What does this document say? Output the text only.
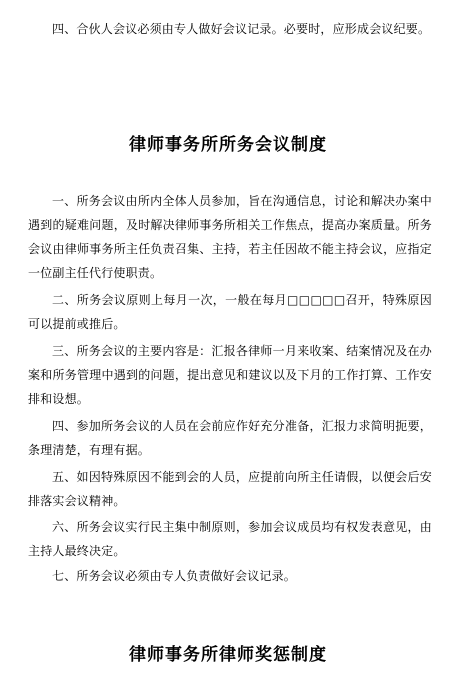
四、合伙人会议必须由专人做好会议记录。必要时，应形成会议纪要。

律师事务所所务会议制度

一、所务会议由所内全体人员参加，旨在沟通信息，讨论和解决办案中遇到的疑难问题，及时解决律师事务所相关工作焦点，提高办案质量。所务会议由律师事务所主任负责召集、主持，若主任因故不能主持会议，应指定一位副主任代行使职责。

二、所务会议原则上每月一次，一般在每月□□□□□召开，特殊原因可以提前或推后。

三、所务会议的主要内容是：汇报各律师一月来收案、结案情况及在办案和所务管理中遇到的问题，提出意见和建议以及下月的工作打算、工作安排和设想。

四、参加所务会议的人员在会前应作好充分准备，汇报力求简明扼要，条理清楚，有理有据。

五、如因特殊原因不能到会的人员，应提前向所主任请假，以便会后安排落实会议精神。

六、所务会议实行民主集中制原则，参加会议成员均有权发表意见，由主持人最终决定。

七、所务会议必须由专人负责做好会议记录。

律师事务所律师奖惩制度
